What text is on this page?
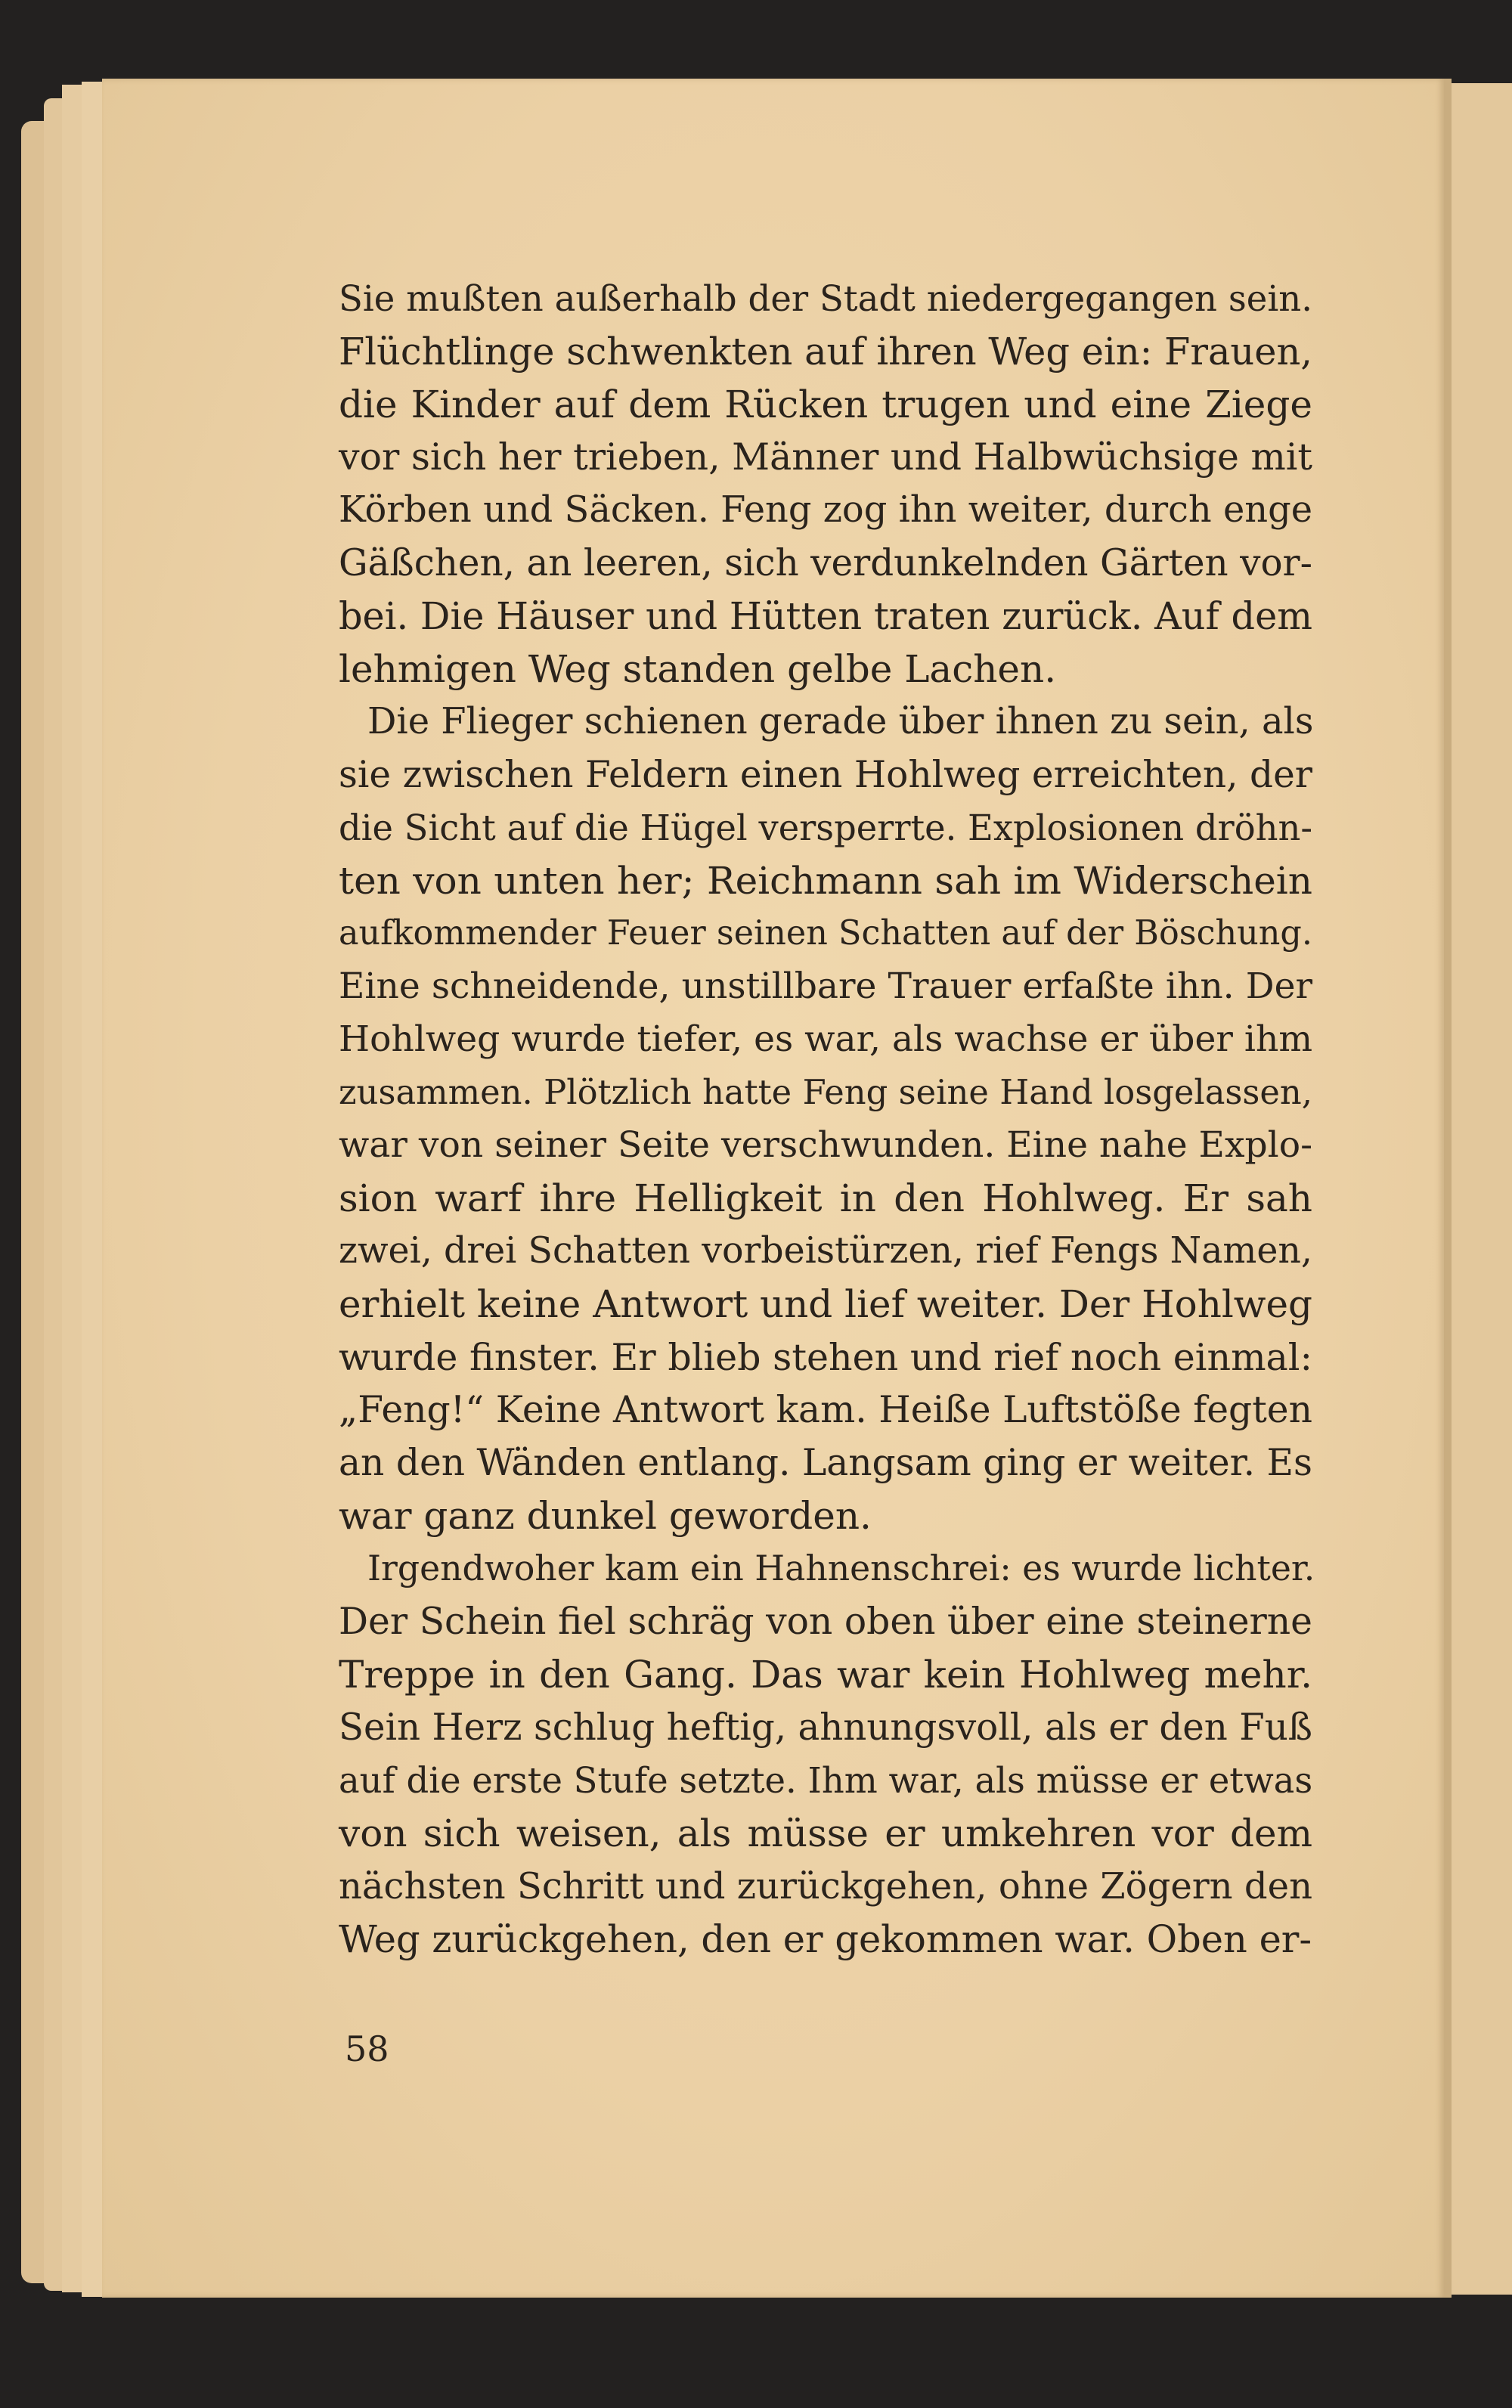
Sie mußten außerhalb der Stadt niedergegangen sein.
Flüchtlinge schwenkten auf ihren Weg ein: Frauen,
die Kinder auf dem Rücken trugen und eine Ziege
vor sich her trieben, Männer und Halbwüchsige mit
Körben und Säcken. Feng zog ihn weiter, durch enge
Gäßchen, an leeren, sich verdunkelnden Gärten vor-
bei. Die Häuser und Hütten traten zurück. Auf dem
lehmigen Weg standen gelbe Lachen.

Die Flieger schienen gerade über ihnen zu sein, als
sie zwischen Feldern einen Hohlweg erreichten, der
die Sicht auf die Hügel versperrte. Explosionen dröhn-
ten von unten her; Reichmann sah im Widerschein
aufkommender Feuer seinen Schatten auf der Böschung.
Eine schneidende, unstillbare Trauer erfaßte ihn. Der
Hohlweg wurde tiefer, es war, als wachse er über ihm
zusammen. Plötzlich hatte Feng seine Hand losgelassen,
war von seiner Seite verschwunden. Eine nahe Explo-
sion warf ihre Helligkeit in den Hohlweg. Er sah
zwei, drei Schatten vorbeistürzen, rief Fengs Namen,
erhielt keine Antwort und lief weiter. Der Hohlweg
wurde finster. Er blieb stehen und rief noch einmal:
„Feng!“ Keine Antwort kam. Heiße Luftstöße fegten
an den Wänden entlang. Langsam ging er weiter. Es
war ganz dunkel geworden.

Irgendwoher kam ein Hahnenschrei: es wurde lichter.
Der Schein fiel schräg von oben über eine steinerne
Treppe in den Gang. Das war kein Hohlweg mehr.
Sein Herz schlug heftig, ahnungsvoll, als er den Fuß
auf die erste Stufe setzte. Ihm war, als müsse er etwas
von sich weisen, als müsse er umkehren vor dem
nächsten Schritt und zurückgehen, ohne Zögern den
Weg zurückgehen, den er gekommen war. Oben er-

58
